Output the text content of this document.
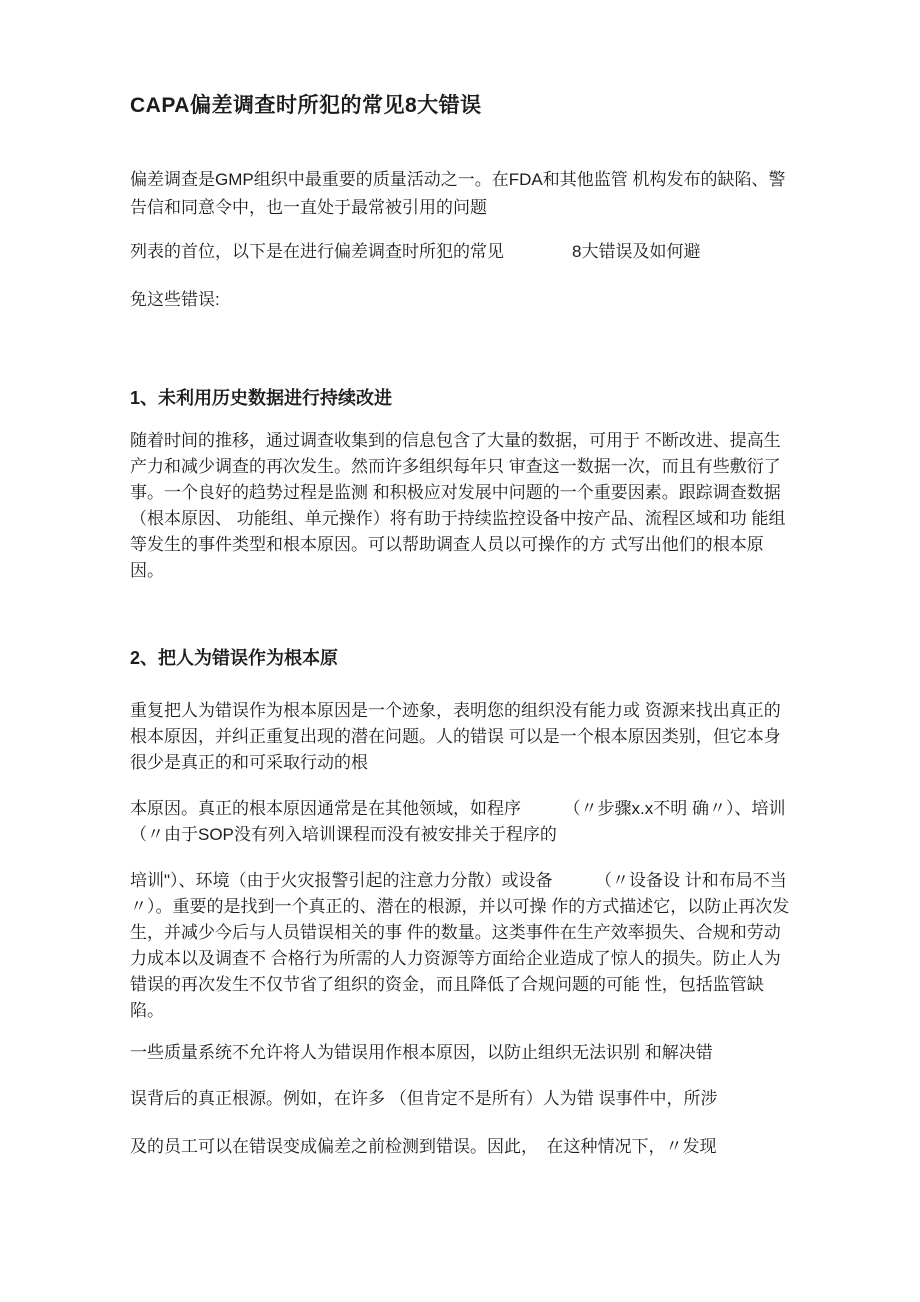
CAPA偏差调查时所犯的常见8大错误

偏差调查是GMP组织中最重要的质量活动之一。在FDA和其他监管 机构发布的缺陷、警告信和同意令中，也一直处于最常被引用的问题

列表的首位，以下是在进行偏差调查时所犯的常见　　　　8大错误及如何避

免这些错误:

1、未利用历史数据进行持续改进

随着时间的推移，通过调查收集到的信息包含了大量的数据，可用于 不断改进、提高生产力和减少调查的再次发生。然而许多组织每年只 审查这一数据一次，而且有些敷衍了事。一个良好的趋势过程是监测 和积极应对发展中问题的一个重要因素。跟踪调查数据（根本原因、 功能组、单元操作）将有助于持续监控设备中按产品、流程区域和功 能组等发生的事件类型和根本原因。可以帮助调查人员以可操作的方 式写出他们的根本原因。

2、把人为错误作为根本原

重复把人为错误作为根本原因是一个迹象，表明您的组织没有能力或 资源来找出真正的根本原因，并纠正重复出现的潜在问题。人的错误 可以是一个根本原因类别，但它本身很少是真正的和可采取行动的根

本原因。真正的根本原因通常是在其他领域，如程序　　　（〃步骤x.x不明 确〃）、培训（〃由于SOP没有列入培训课程而没有被安排关于程序的

培训"）、环境（由于火灾报警引起的注意力分散）或设备　　　（〃设备设 计和布局不当〃）。重要的是找到一个真正的、潜在的根源，并以可操 作的方式描述它，以防止再次发生，并减少今后与人员错误相关的事 件的数量。这类事件在生产效率损失、合规和劳动力成本以及调查不 合格行为所需的人力资源等方面给企业造成了惊人的损失。防止人为 错误的再次发生不仅节省了组织的资金，而且降低了合规问题的可能 性，包括监管缺陷。

一些质量系统不允许将人为错误用作根本原因，以防止组织无法识别 和解决错

误背后的真正根源。例如，在许多 （但肯定不是所有）人为错 误事件中，所涉

及的员工可以在错误变成偏差之前检测到错误。因此，　在这种情况下，〃发现
